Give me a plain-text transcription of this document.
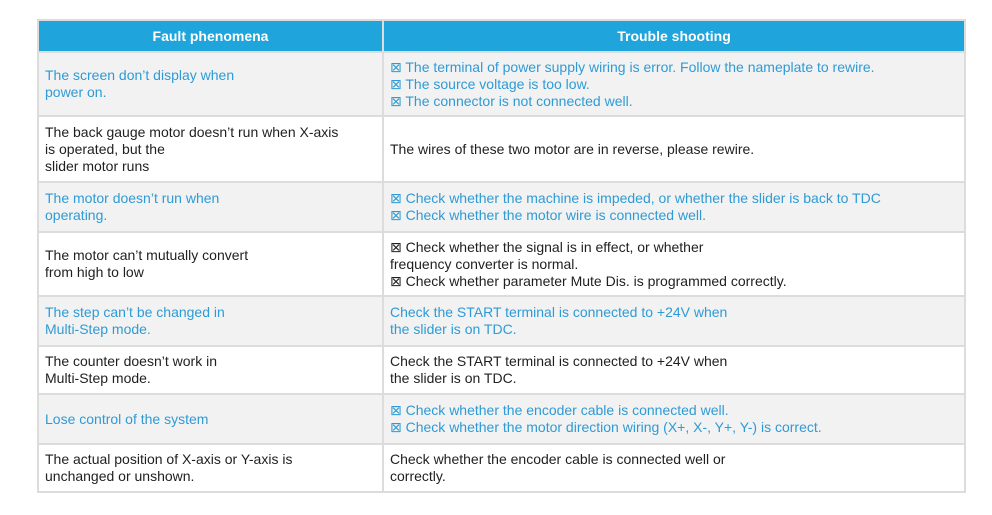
Fault phenomena	Trouble shooting

The screen don’t display when
power on.	⊠ The terminal of power supply wiring is error. Follow the nameplate to rewire.
⊠ The source voltage is too low.
⊠ The connector is not connected well.

The back gauge motor doesn’t run when X-axis
is operated, but the
slider motor runs	The wires of these two motor are in reverse, please rewire.

The motor doesn’t run when
operating.	⊠ Check whether the machine is impeded, or whether the slider is back to TDC
⊠ Check whether the motor wire is connected well.

The motor can’t mutually convert
from high to low	⊠ Check whether the signal is in effect, or whether
frequency converter is normal.
⊠ Check whether parameter Mute Dis. is programmed correctly.

The step can’t be changed in
Multi-Step mode.	Check the START terminal is connected to +24V when
the slider is on TDC.

The counter doesn’t work in
Multi-Step mode.	Check the START terminal is connected to +24V when
the slider is on TDC.

Lose control of the system	⊠ Check whether the encoder cable is connected well.
⊠ Check whether the motor direction wiring (X+, X-, Y+, Y-) is correct.

The actual position of X-axis or Y-axis is
unchanged or unshown.	Check whether the encoder cable is connected well or
correctly.
